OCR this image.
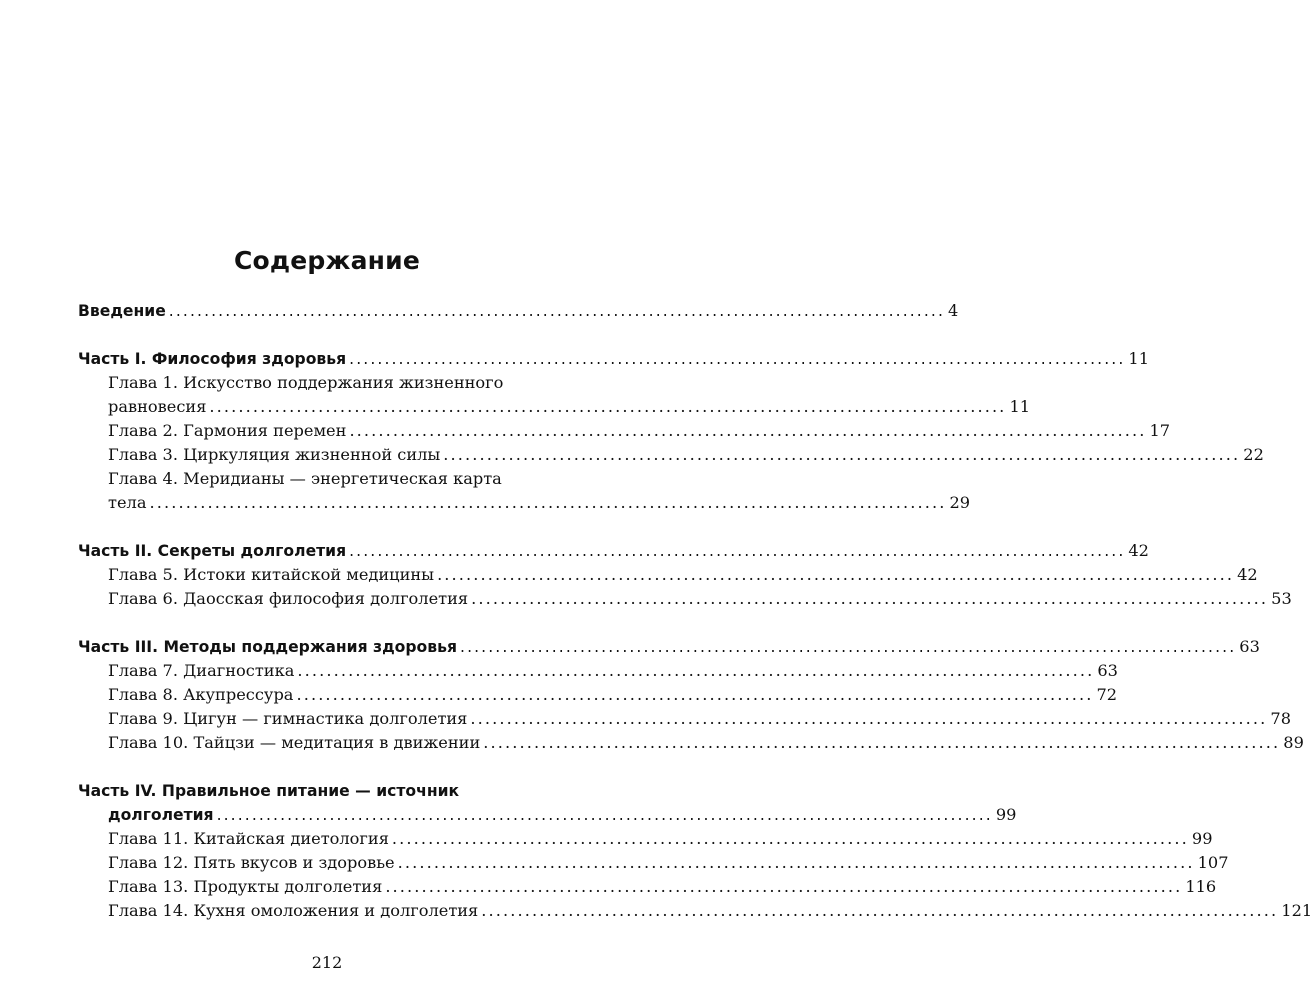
Содержание
Введение .............................................................................................................. 4
Часть I. Философия здоровья .............................................................................................................. 11
Глава 1. Искусство поддержания жизненного
равновесия .............................................................................................................. 11
Глава 2. Гармония перемен .............................................................................................................. 17
Глава 3. Циркуляция жизненной силы .............................................................................................................. 22
Глава 4. Меридианы — энергетическая карта
тела .............................................................................................................. 29
Часть II. Секреты долголетия .............................................................................................................. 42
Глава 5. Истоки китайской медицины .............................................................................................................. 42
Глава 6. Даосская философия долголетия .............................................................................................................. 53
Часть III. Методы поддержания здоровья .............................................................................................................. 63
Глава 7. Диагностика .............................................................................................................. 63
Глава 8. Акупрессура .............................................................................................................. 72
Глава 9. Цигун — гимнастика долголетия .............................................................................................................. 78
Глава 10. Тайцзи — медитация в движении .............................................................................................................. 89
Часть IV. Правильное питание — источник
долголетия .............................................................................................................. 99
Глава 11. Китайская диетология .............................................................................................................. 99
Глава 12. Пять вкусов и здоровье .............................................................................................................. 107
Глава 13. Продукты долголетия .............................................................................................................. 116
Глава 14. Кухня омоложения и долголетия .............................................................................................................. 121
212
